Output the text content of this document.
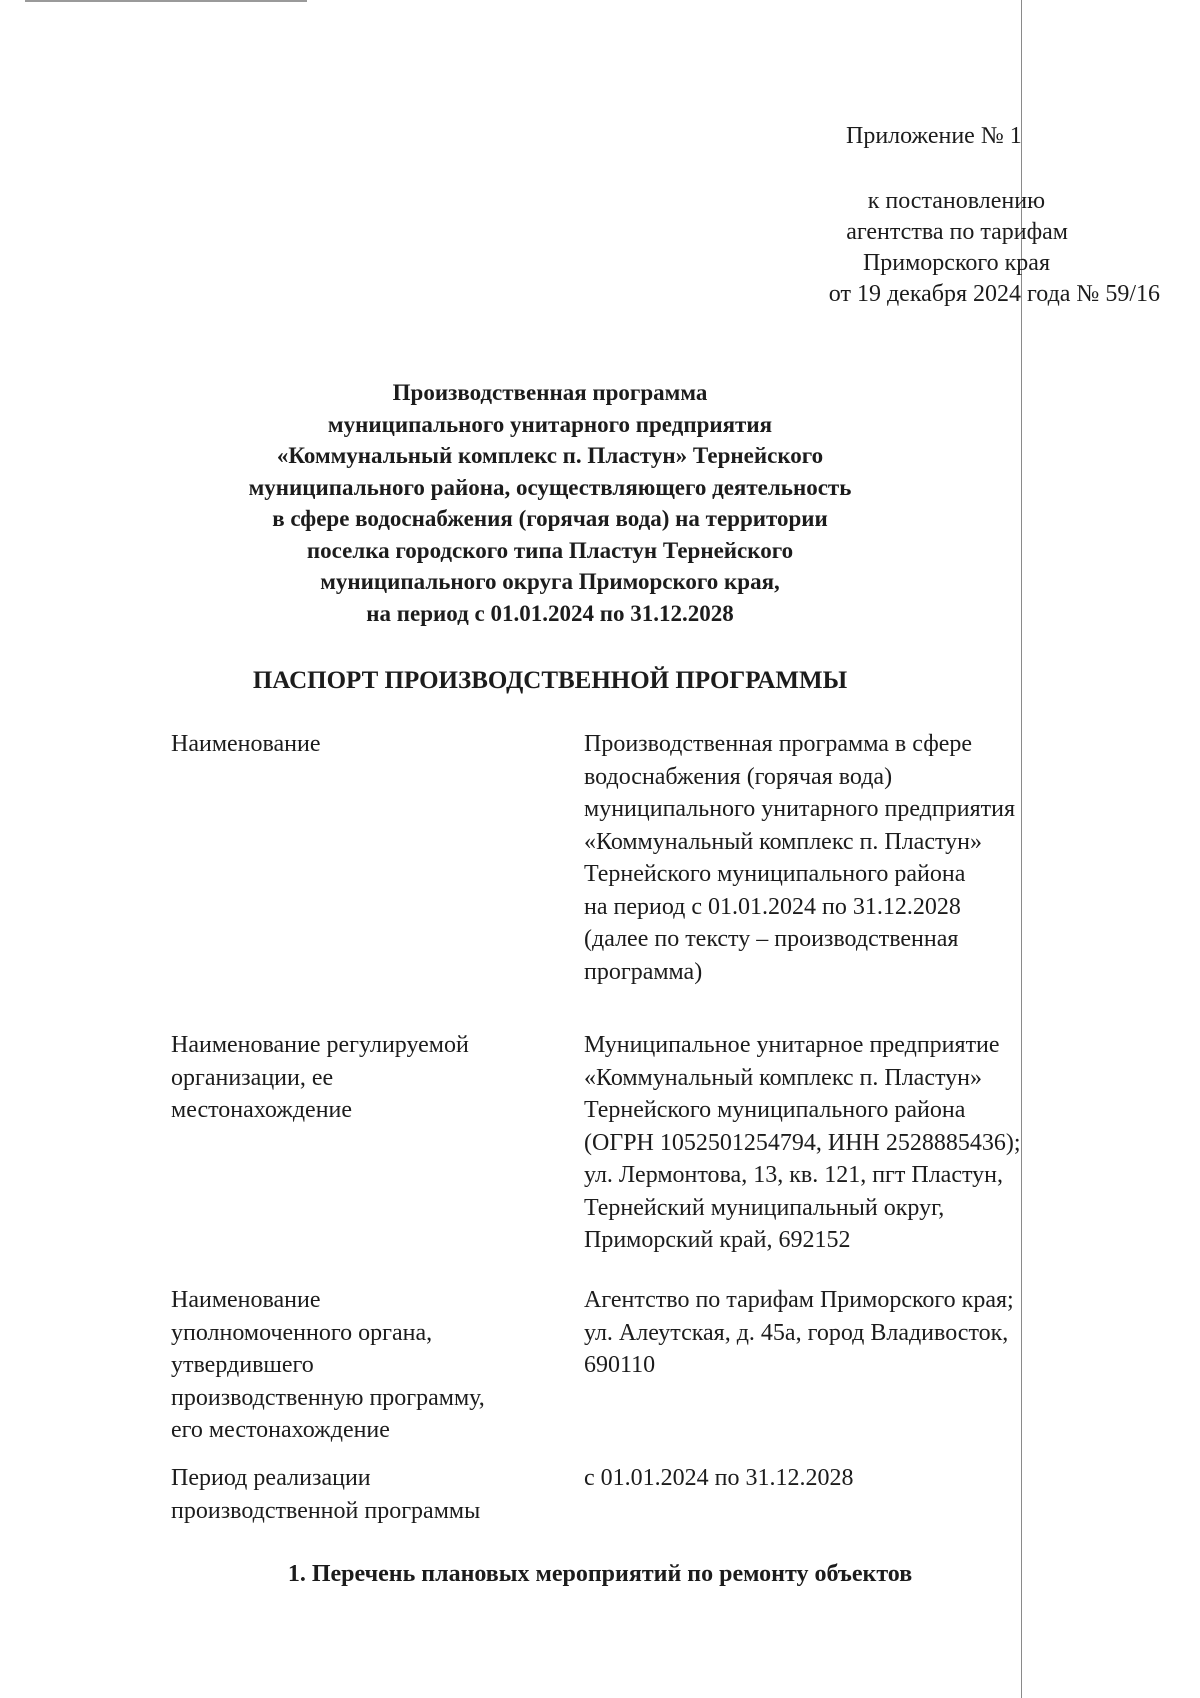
Приложение № 1
к постановлению
агентства по тарифам
Приморского края
от 19 декабря 2024 года № 59/16
Производственная программа
муниципального унитарного предприятия
«Коммунальный комплекс п. Пластун» Тернейского
муниципального района, осуществляющего деятельность
в сфере водоснабжения (горячая вода) на территории
поселка городского типа Пластун Тернейского
муниципального округа Приморского края,
на период с 01.01.2024 по 31.12.2028
ПАСПОРТ ПРОИЗВОДСТВЕННОЙ ПРОГРАММЫ
Наименование	Производственная программа в сфере
водоснабжения (горячая вода)
муниципального унитарного предприятия
«Коммунальный комплекс п. Пластун»
Тернейского муниципального района
на период с 01.01.2024 по 31.12.2028
(далее по тексту – производственная
программа)
Наименование регулируемой
организации, ее
местонахождение
Муниципальное унитарное предприятие
«Коммунальный комплекс п. Пластун»
Тернейского муниципального района
(ОГРН 1052501254794, ИНН 2528885436);
ул. Лермонтова, 13, кв. 121, пгт Пластун,
Тернейский муниципальный округ,
Приморский край, 692152
Наименование
уполномоченного органа,
утвердившего
производственную программу,
его местонахождение
Агентство по тарифам Приморского края;
ул. Алеутская, д. 45а, город Владивосток,
690110
Период реализации
производственной программы
с 01.01.2024 по 31.12.2028
1. Перечень плановых мероприятий по ремонту объектов
